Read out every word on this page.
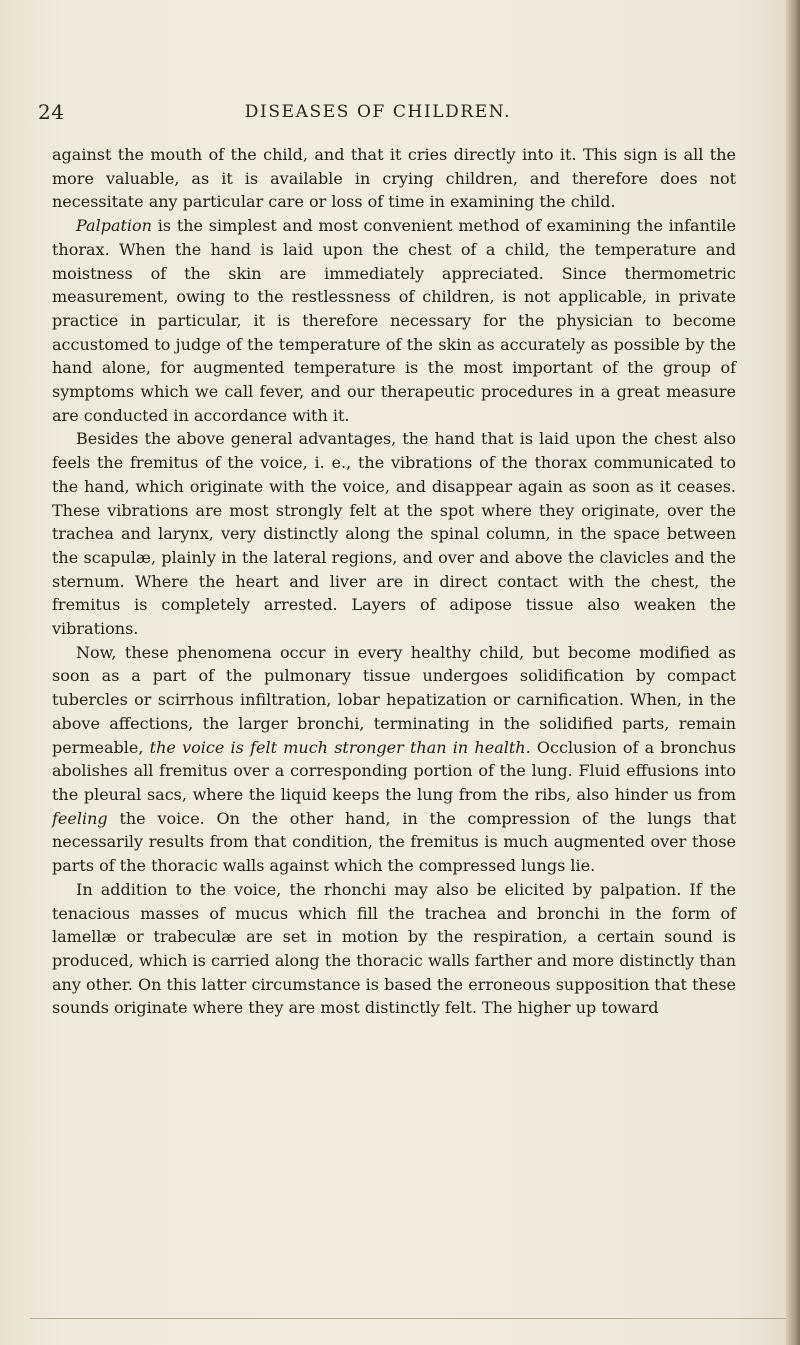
24	DISEASES OF CHILDREN.

against the mouth of the child, and that it cries directly into it. This sign is all the more valuable, as it is available in crying children, and therefore does not necessitate any particular care or loss of time in examining the child.

Palpation is the simplest and most convenient method of examining the infantile thorax. When the hand is laid upon the chest of a child, the temperature and moistness of the skin are immediately appreciated. Since thermometric measurement, owing to the restlessness of children, is not applicable, in private practice in particular, it is therefore necessary for the physician to become accustomed to judge of the temperature of the skin as accurately as possible by the hand alone, for augmented temperature is the most important of the group of symptoms which we call fever, and our therapeutic procedures in a great measure are conducted in accordance with it.

Besides the above general advantages, the hand that is laid upon the chest also feels the fremitus of the voice, i. e., the vibrations of the thorax communicated to the hand, which originate with the voice, and disappear again as soon as it ceases. These vibrations are most strongly felt at the spot where they originate, over the trachea and larynx, very distinctly along the spinal column, in the space between the scapulæ, plainly in the lateral regions, and over and above the clavicles and the sternum. Where the heart and liver are in direct contact with the chest, the fremitus is completely arrested. Layers of adipose tissue also weaken the vibrations.

Now, these phenomena occur in every healthy child, but become modified as soon as a part of the pulmonary tissue undergoes solidification by compact tubercles or scirrhous infiltration, lobar hepatization or carnification. When, in the above affections, the larger bronchi, terminating in the solidified parts, remain permeable, the voice is felt much stronger than in health. Occlusion of a bronchus abolishes all fremitus over a corresponding portion of the lung. Fluid effusions into the pleural sacs, where the liquid keeps the lung from the ribs, also hinder us from feeling the voice. On the other hand, in the compression of the lungs that necessarily results from that condition, the fremitus is much augmented over those parts of the thoracic walls against which the compressed lungs lie.

In addition to the voice, the rhonchi may also be elicited by palpation. If the tenacious masses of mucus which fill the trachea and bronchi in the form of lamellæ or trabeculæ are set in motion by the respiration, a certain sound is produced, which is carried along the thoracic walls farther and more distinctly than any other. On this latter circumstance is based the erroneous supposition that these sounds originate where they are most distinctly felt. The higher up toward
